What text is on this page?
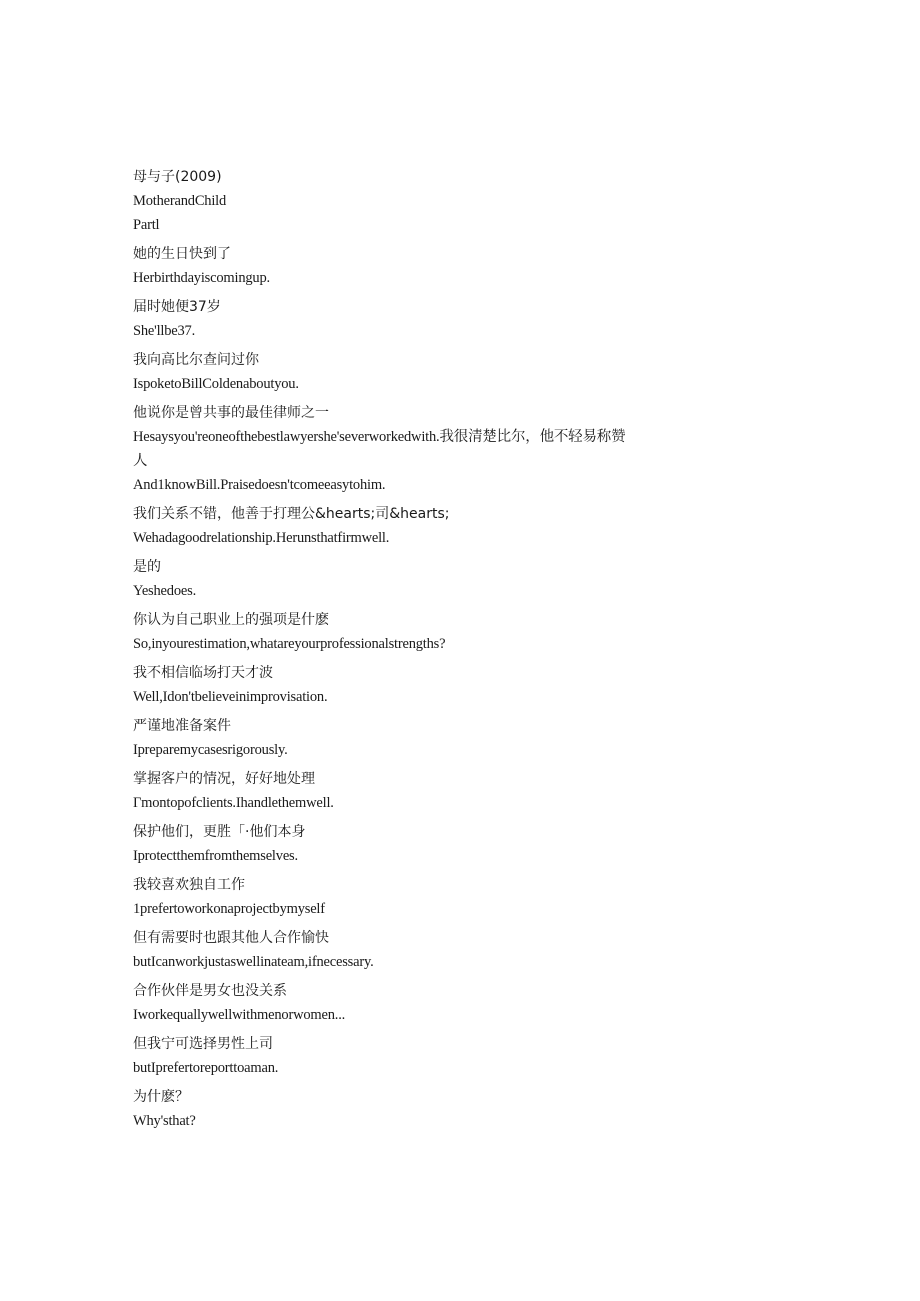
母与子(2009)
MotherandChild
Partl
她的生日快到了
Herbirthdayiscomingup.
届时她便37岁
She'llbe37.
我向高比尔查问过你
IspoketoBillColdenaboutyou.
他说你是曾共事的最佳律师之一
Hesaysyou'reoneofthebestlawyershe'severworkedwith.我很清楚比尔，他不轻易称赞人
And1knowBill.Praisedoesn'tcomeeasytohim.
我们关系不错，他善于打理公&hearts;司&hearts;
Wehadagoodrelationship.Herunsthatfirmwell.
是的
Yeshedoes.
你认为自己职业上的强项是什麽
So,inyourestimation,whatareyourprofessionalstrengths?
我不相信临场打天才波
Well,Idon'tbelieveinimprovisation.
严谨地准备案件
Ipreparemycasesrigorously.
掌握客户的情况，好好地处理
Γmontopofclients.Ihandlethemwell.
保护他们，更胜「·他们本身
Iprotectthemfromthemselves.
我较喜欢独自工作
1prefertoworkonaprojectbymyself
但有需要时也跟其他人合作愉快
butIcanworkjustaswellinateam,ifnecessary.
合作伙伴是男女也没关系
Iworkequallywellwithmenorwomen...
但我宁可选择男性上司
butIprefertoreporttoaman.
为什麽？
Why'sthat?
